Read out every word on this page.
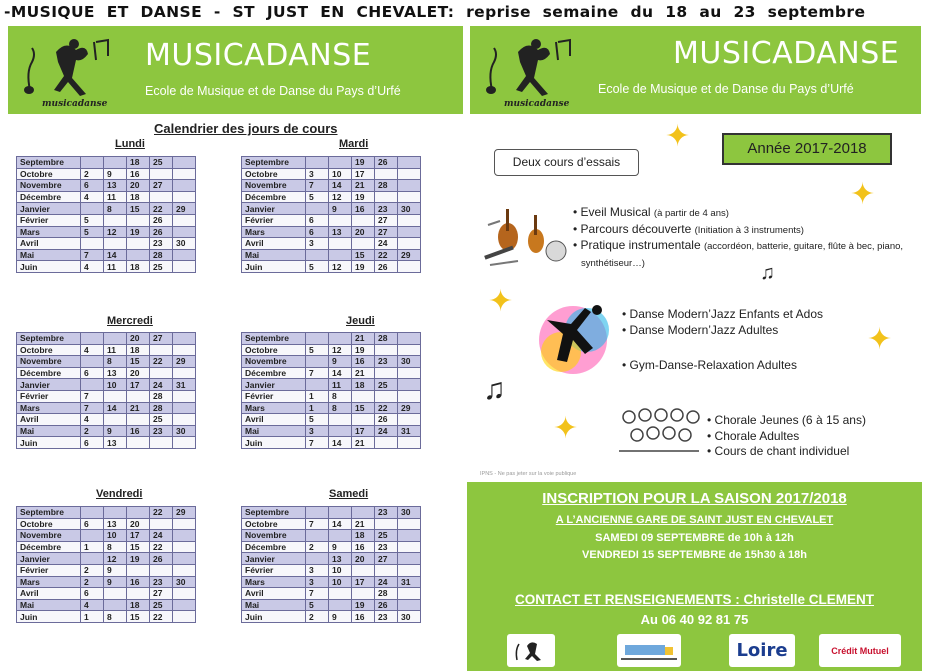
-MUSIQUE ET DANSE - ST JUST EN CHEVALET: reprise semaine du 18 au 23 septembre
musicadanse
MUSICADANSE
Ecole de Musique et de Danse du Pays d’Urfé
musicadanse
MUSICADANSE
Ecole de Musique et de Danse du Pays d’Urfé
Calendrier des jours de cours
Lundi	Mardi
Septembre			18	25	
Octobre	2	9	16		
Novembre	6	13	20	27	
Décembre	4	11	18		
Janvier		8	15	22	29
Février	5			26	
Mars	5	12	19	26	
Avril				23	30
Mai	7	14		28	
Juin	4	11	18	25	
Septembre			19	26	
Octobre	3	10	17		
Novembre	7	14	21	28	
Décembre	5	12	19		
Janvier		9	16	23	30
Février	6			27	
Mars	6	13	20	27	
Avril	3			24	
Mai			15	22	29
Juin	5	12	19	26	
Mercredi	Jeudi
Septembre			20	27	
Octobre	4	11	18		
Novembre		8	15	22	29
Décembre	6	13	20		
Janvier		10	17	24	31
Février	7			28	
Mars	7	14	21	28	
Avril	4			25	
Mai	2	9	16	23	30
Juin	6	13			
Septembre			21	28	
Octobre	5	12	19		
Novembre		9	16	23	30
Décembre	7	14	21		
Janvier		11	18	25	
Février	1	8			
Mars	1	8	15	22	29
Avril	5			26	
Mai	3		17	24	31
Juin	7	14	21		
Vendredi	Samedi
Septembre				22	29
Octobre	6	13	20		
Novembre		10	17	24	
Décembre	1	8	15	22	
Janvier		12	19	26	
Février	2	9			
Mars	2	9	16	23	30
Avril	6			27	
Mai	4		18	25	
Juin	1	8	15	22	
Septembre				23	30
Octobre	7	14	21		
Novembre			18	25	
Décembre	2	9	16	23	
Janvier		13	20	27	
Février	3	10			
Mars	3	10	17	24	31
Avril	7			28	
Mai	5		19	26	
Juin	2	9	16	23	30
✦
✦
✦
✦
✦
Deux cours d’essais
Année 2017-2018
• Eveil Musical (à partir de 4 ans)
• Parcours découverte (Initiation à 3 instruments)
• Pratique instrumentale (accordéon, batterie, guitare, flûte à bec, piano, synthétiseur…)	♫
• Danse Modern’Jazz Enfants et Ados
• Danse Modern’Jazz Adultes
• Gym-Danse-Relaxation Adultes
♫
• Chorale Jeunes (6 à 15 ans)
• Chorale Adultes
• Cours de chant individuel
IPNS - Ne pas jeter sur la voie publique
INSCRIPTION POUR LA SAISON 2017/2018
A L’ANCIENNE GARE DE SAINT JUST EN CHEVALET
SAMEDI 09 SEPTEMBRE de 10h à 12h
VENDREDI 15 SEPTEMBRE de 15h30 à 18h
CONTACT ET RENSEIGNEMENTS : Christelle CLEMENT
Au 06 40 92 81 75
Loire	Crédit Mutuel
